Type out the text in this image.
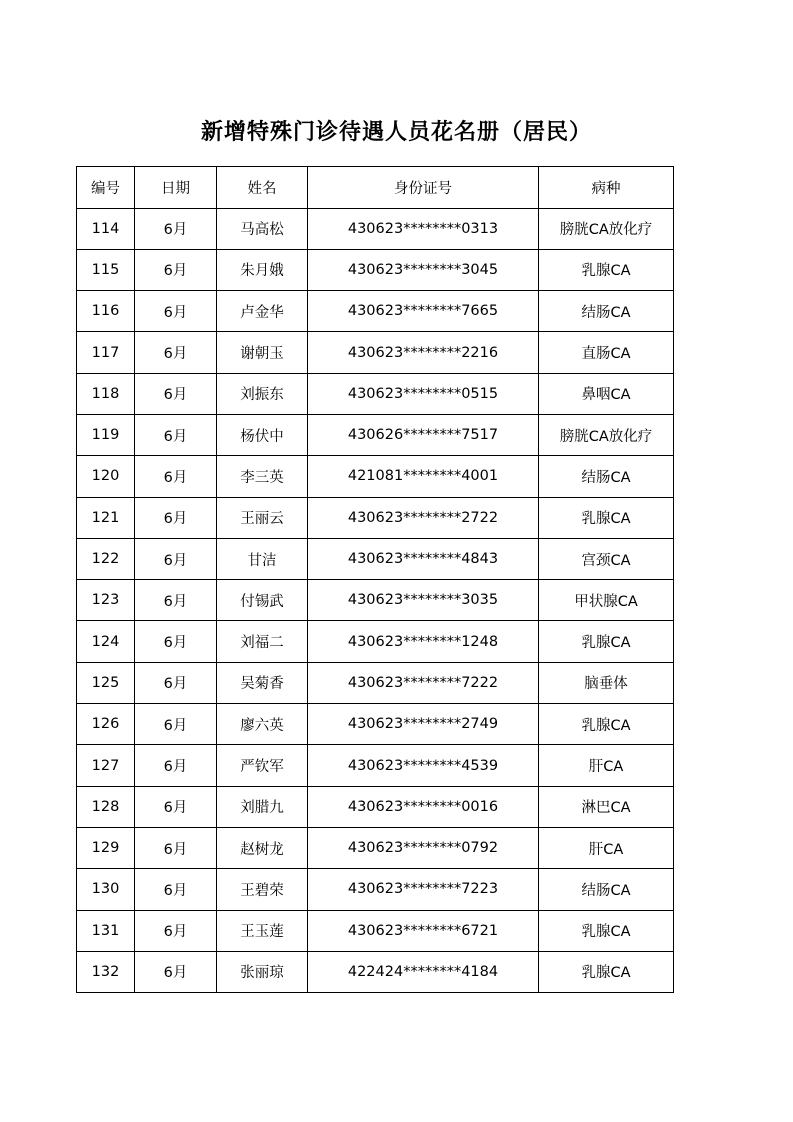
新增特殊门诊待遇人员花名册（居民）
编号	日期	姓名	身份证号	病种
114	6月	马高松	430623********0313	膀胱CA放化疗
115	6月	朱月娥	430623********3045	乳腺CA
116	6月	卢金华	430623********7665	结肠CA
117	6月	谢朝玉	430623********2216	直肠CA
118	6月	刘振东	430623********0515	鼻咽CA
119	6月	杨伏中	430626********7517	膀胱CA放化疗
120	6月	李三英	421081********4001	结肠CA
121	6月	王丽云	430623********2722	乳腺CA
122	6月	甘洁	430623********4843	宫颈CA
123	6月	付锡武	430623********3035	甲状腺CA
124	6月	刘福二	430623********1248	乳腺CA
125	6月	吴菊香	430623********7222	脑垂体
126	6月	廖六英	430623********2749	乳腺CA
127	6月	严钦军	430623********4539	肝CA
128	6月	刘腊九	430623********0016	淋巴CA
129	6月	赵树龙	430623********0792	肝CA
130	6月	王碧荣	430623********7223	结肠CA
131	6月	王玉莲	430623********6721	乳腺CA
132	6月	张丽琼	422424********4184	乳腺CA
